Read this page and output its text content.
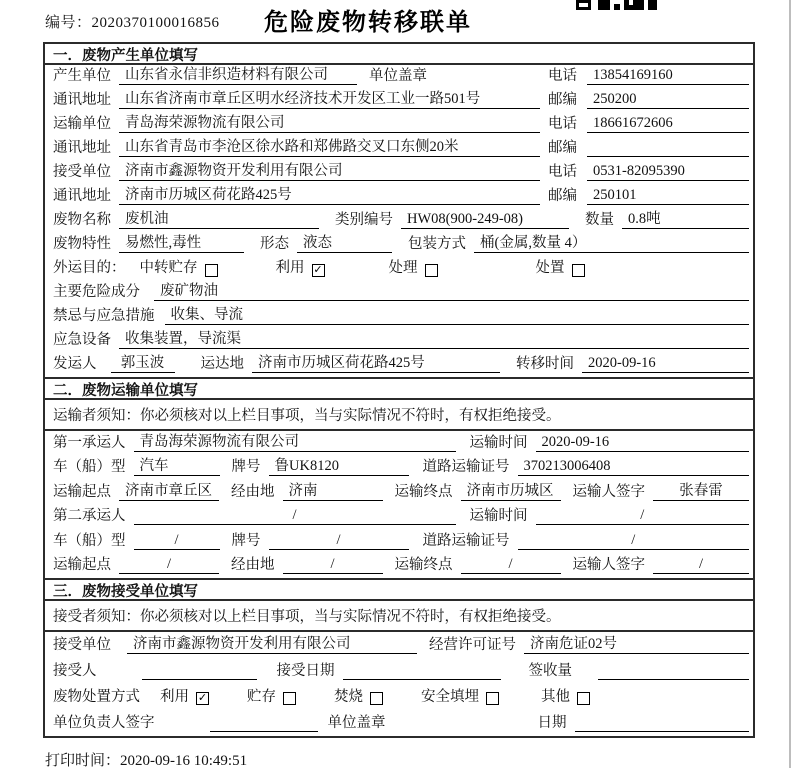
编号：2020370100016856	危险废物转移联单
一．废物产生单位填写
产生单位 山东省永信非织造材料有限公司	单位盖章	电话	13854169160
通讯地址 山东省济南市章丘区明水经济技术开发区工业一路501号	邮编	250200
运输单位 青岛海荣源物流有限公司	电话	18661672606
通讯地址 山东省青岛市李沧区徐水路和郑佛路交叉口东侧20米	邮编
接受单位 济南市鑫源物资开发利用有限公司	电话	0531-82095390
通讯地址 济南市历城区荷花路425号	邮编	250101
废物名称 废机油	类别编号 HW08(900-249-08)	数量 0.8吨
废物特性 易燃性,毒性	形态 液态	包装方式 桶(金属,数量 4）
外运目的： 中转贮存	利用 ✓	处理	处置
主要危险成分	废矿物油
禁忌与应急措施	收集、导流
应急设备 收集装置，导流渠
发运人	郭玉波	运达地 济南市历城区荷花路425号	转移时间 2020-09-16
二．废物运输单位填写
运输者须知：你必须核对以上栏目事项，当与实际情况不符时，有权拒绝接受。
第一承运人 青岛海荣源物流有限公司	运输时间 2020-09-16
车（船）型 汽车	牌号 鲁UK8120	道路运输证号 370213006408
运输起点 济南市章丘区	经由地 济南	运输终点 济南市历城区	运输人签字	张春雷
第二承运人	/	运输时间	/
车（船）型	/	牌号	/	道路运输证号	/
运输起点	/	经由地	/	运输终点	/	运输人签字	/
三．废物接受单位填写
接受者须知：你必须核对以上栏目事项，当与实际情况不符时，有权拒绝接受。
接受单位	济南市鑫源物资开发利用有限公司	经营许可证号 济南危证02号
接受人	接受日期	签收量
废物处置方式 利用 ✓	贮存	焚烧	安全填埋	其他
单位负责人签字	单位盖章	日期
打印时间：2020-09-16 10:49:51
